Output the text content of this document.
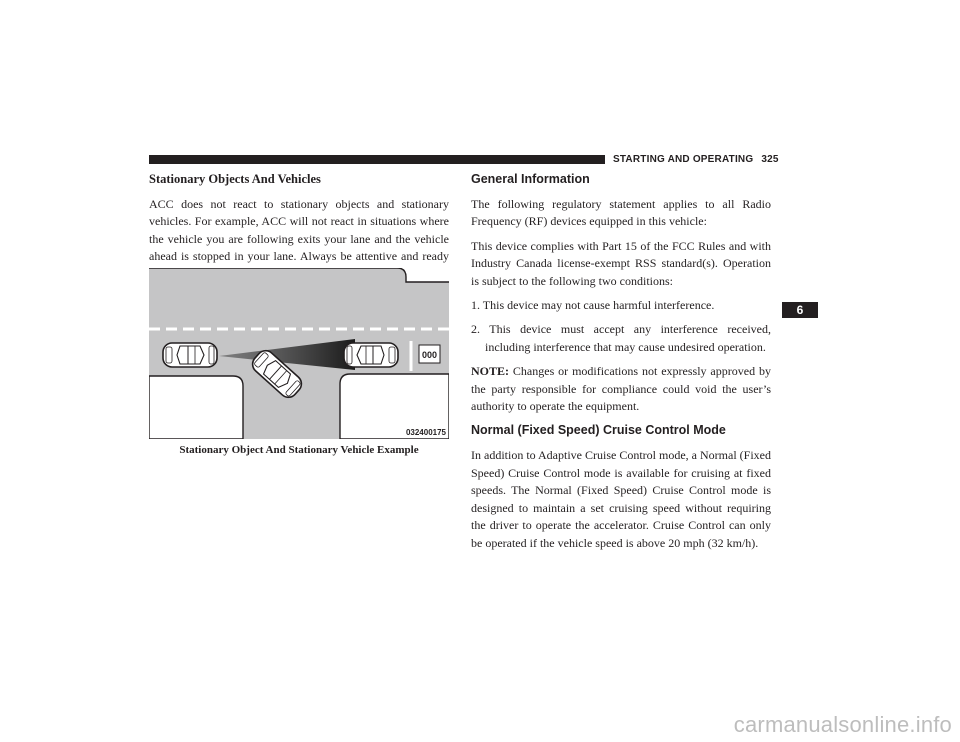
STARTING AND OPERATING 325
Stationary Objects And Vehicles

ACC does not react to stationary objects and stationary vehicles. For example, ACC will not react in situations where the vehicle you are following exits your lane and the vehicle ahead is stopped in your lane. Always be attentive and ready

000
032400175
Stationary Object And Stationary Vehicle Example
General Information

The following regulatory statement applies to all Radio Frequency (RF) devices equipped in this vehicle:

This device complies with Part 15 of the FCC Rules and with Industry Canada license-exempt RSS standard(s). Operation is subject to the following two conditions:

1. This device may not cause harmful interference.

2. This device must accept any interference received, including interference that may cause undesired operation.

NOTE: Changes or modifications not expressly approved by the party responsible for compliance could void the user’s authority to operate the equipment.

Normal (Fixed Speed) Cruise Control Mode

In addition to Adaptive Cruise Control mode, a Normal (Fixed Speed) Cruise Control mode is available for cruising at fixed speeds. The Normal (Fixed Speed) Cruise Control mode is designed to maintain a set cruising speed without requiring the driver to operate the accelerator. Cruise Control can only be operated if the vehicle speed is above 20 mph (32 km/h).

6
carmanualsonline.info
